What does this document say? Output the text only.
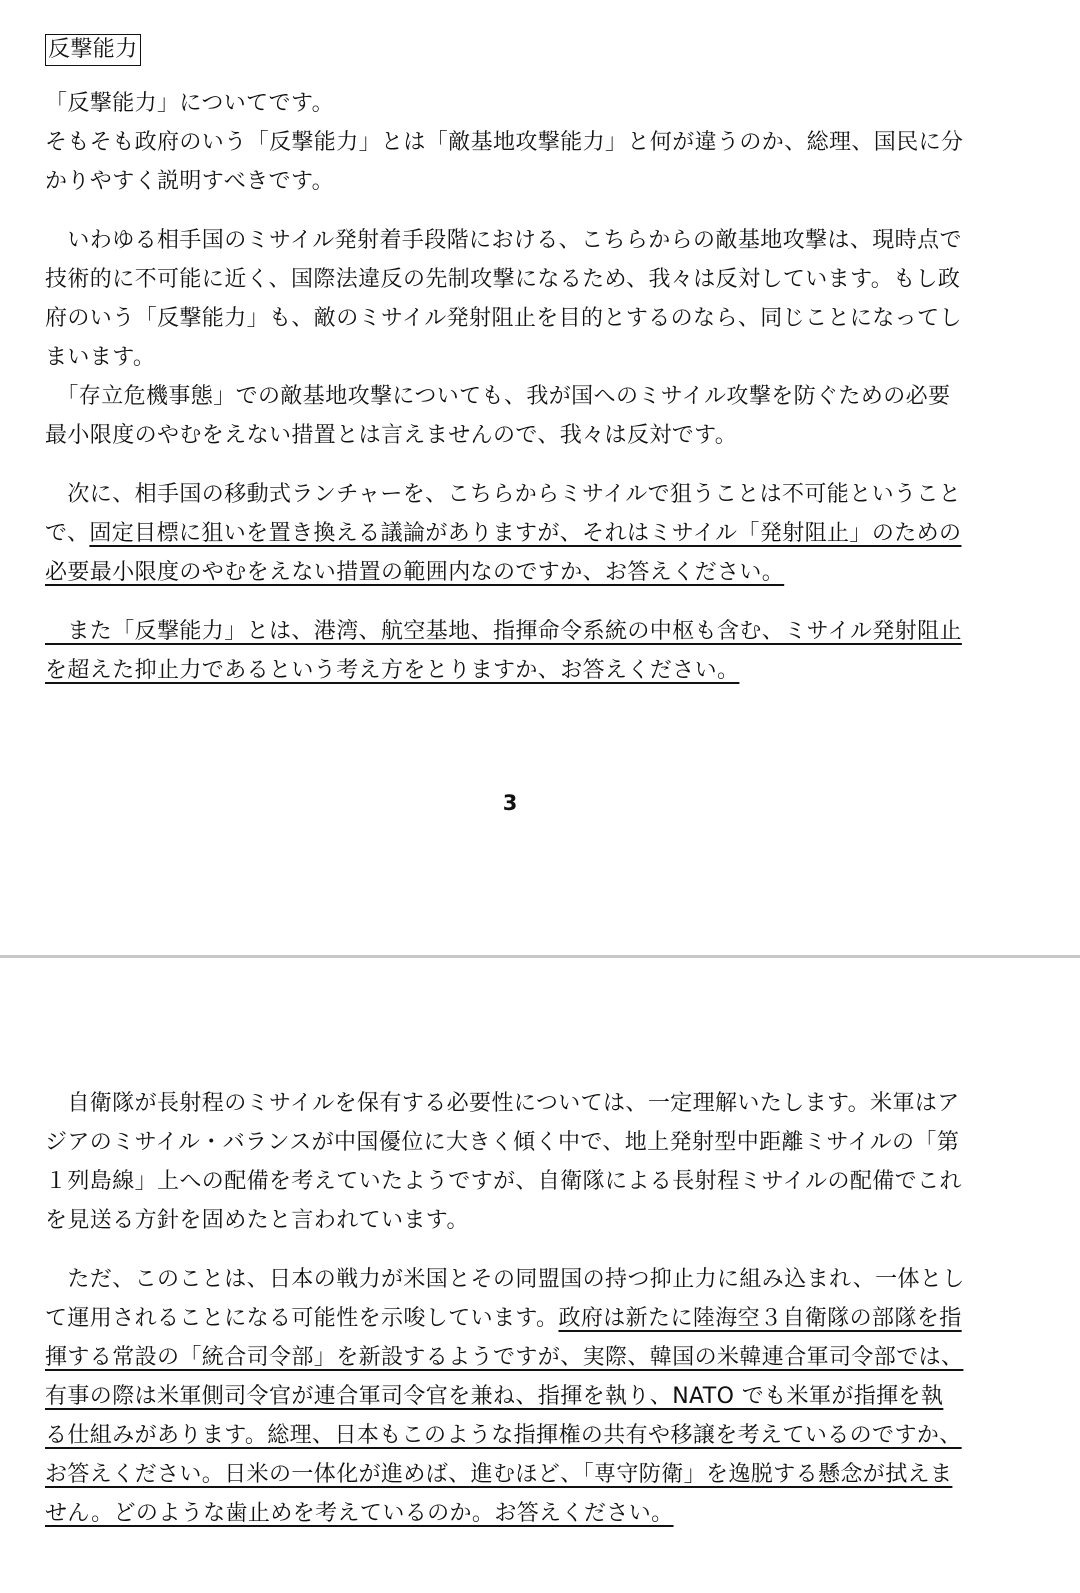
反撃能力

「反撃能力」についてです。
そもそも政府のいう「反撃能力」とは「敵基地攻撃能力」と何が違うのか、総理、国民に分かりやすく説明すべきです。

　いわゆる相手国のミサイル発射着手段階における、こちらからの敵基地攻撃は、現時点で技術的に不可能に近く、国際法違反の先制攻撃になるため、我々は反対しています。もし政府のいう「反撃能力」も、敵のミサイル発射阻止を目的とするのなら、同じことになってしまいます。
　「存立危機事態」での敵基地攻撃についても、我が国へのミサイル攻撃を防ぐための必要最小限度のやむをえない措置とは言えませんので、我々は反対です。

　次に、相手国の移動式ランチャーを、こちらからミサイルで狙うことは不可能ということで、固定目標に狙いを置き換える議論がありますが、それはミサイル「発射阻止」のための必要最小限度のやむをえない措置の範囲内なのですか、お答えください。

　また「反撃能力」とは、港湾、航空基地、指揮命令系統の中枢も含む、ミサイル発射阻止を超えた抑止力であるという考え方をとりますか、お答えください。

3

　自衛隊が長射程のミサイルを保有する必要性については、一定理解いたします。米軍はアジアのミサイル・バランスが中国優位に大きく傾く中で、地上発射型中距離ミサイルの「第１列島線」上への配備を考えていたようですが、自衛隊による長射程ミサイルの配備でこれを見送る方針を固めたと言われています。

　ただ、このことは、日本の戦力が米国とその同盟国の持つ抑止力に組み込まれ、一体として運用されることになる可能性を示唆しています。政府は新たに陸海空３自衛隊の部隊を指揮する常設の「統合司令部」を新設するようですが、実際、韓国の米韓連合軍司令部では、有事の際は米軍側司令官が連合軍司令官を兼ね、指揮を執り、NATO でも米軍が指揮を執る仕組みがあります。総理、日本もこのような指揮権の共有や移譲を考えているのですか、お答えください。日米の一体化が進めば、進むほど、「専守防衛」を逸脱する懸念が拭えません。どのような歯止めを考えているのか。お答えください。
